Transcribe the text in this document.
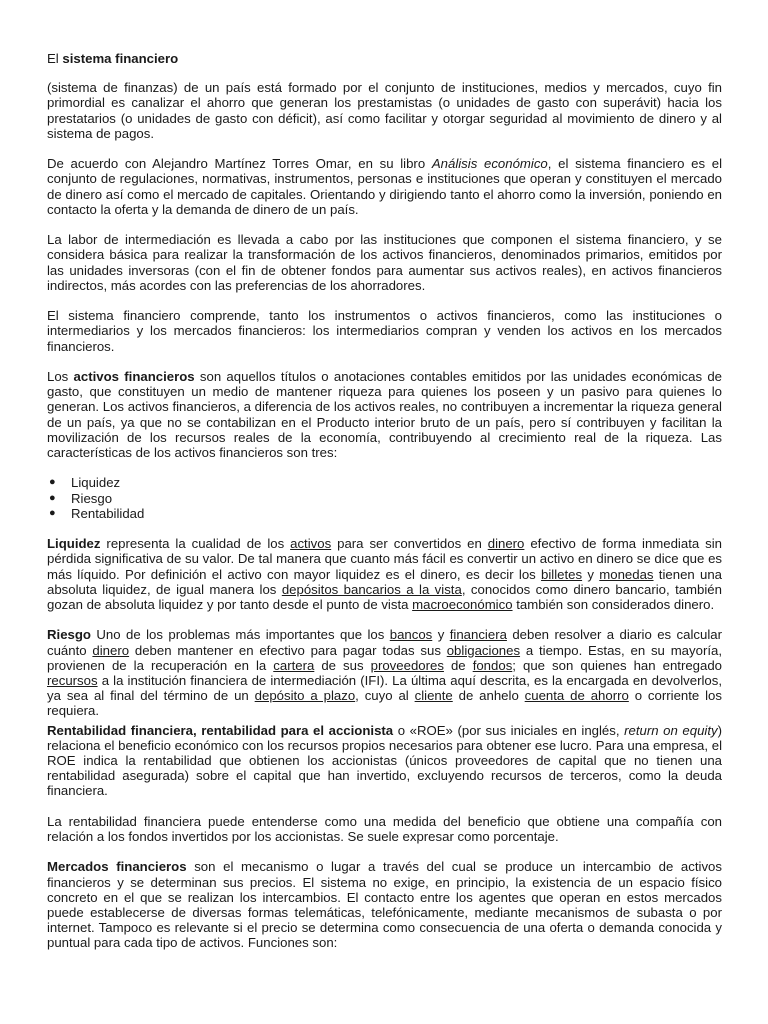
El sistema financiero

(sistema de finanzas) de un país está formado por el conjunto de instituciones, medios y mercados, cuyo fin primordial es canalizar el ahorro que generan los prestamistas (o unidades de gasto con superávit) hacia los prestatarios (o unidades de gasto con déficit), así como facilitar y otorgar seguridad al movimiento de dinero y al sistema de pagos.

De acuerdo con Alejandro Martínez Torres Omar, en su libro Análisis económico, el sistema financiero es el conjunto de regulaciones, normativas, instrumentos, personas e instituciones que operan y constituyen el mercado de dinero así como el mercado de capitales. Orientando y dirigiendo tanto el ahorro como la inversión, poniendo en contacto la oferta y la demanda de dinero de un país.

La labor de intermediación es llevada a cabo por las instituciones que componen el sistema financiero, y se considera básica para realizar la transformación de los activos financieros, denominados primarios, emitidos por las unidades inversoras (con el fin de obtener fondos para aumentar sus activos reales), en activos financieros indirectos, más acordes con las preferencias de los ahorradores.

El sistema financiero comprende, tanto los instrumentos o activos financieros, como las instituciones o intermediarios y los mercados financieros: los intermediarios compran y venden los activos en los mercados financieros.

Los activos financieros son aquellos títulos o anotaciones contables emitidos por las unidades económicas de gasto, que constituyen un medio de mantener riqueza para quienes los poseen y un pasivo para quienes lo generan. Los activos financieros, a diferencia de los activos reales, no contribuyen a incrementar la riqueza general de un país, ya que no se contabilizan en el Producto interior bruto de un país, pero sí contribuyen y facilitan la movilización de los recursos reales de la economía, contribuyendo al crecimiento real de la riqueza. Las características de los activos financieros son tres:

● Liquidez
● Riesgo
● Rentabilidad

Liquidez representa la cualidad de los activos para ser convertidos en dinero efectivo de forma inmediata sin pérdida significativa de su valor. De tal manera que cuanto más fácil es convertir un activo en dinero se dice que es más líquido. Por definición el activo con mayor liquidez es el dinero, es decir los billetes y monedas tienen una absoluta liquidez, de igual manera los depósitos bancarios a la vista, conocidos como dinero bancario, también gozan de absoluta liquidez y por tanto desde el punto de vista macroeconómico también son considerados dinero.

Riesgo Uno de los problemas más importantes que los bancos y financiera deben resolver a diario es calcular cuánto dinero deben mantener en efectivo para pagar todas sus obligaciones a tiempo. Estas, en su mayoría, provienen de la recuperación en la cartera de sus proveedores de fondos; que son quienes han entregado recursos a la institución financiera de intermediación (IFI). La última aquí descrita, es la encargada en devolverlos, ya sea al final del término de un depósito a plazo, cuyo al cliente de anhelo cuenta de ahorro o corriente los requiera.

Rentabilidad financiera, rentabilidad para el accionista o «ROE» (por sus iniciales en inglés, return on equity) relaciona el beneficio económico con los recursos propios necesarios para obtener ese lucro. Para una empresa, el ROE indica la rentabilidad que obtienen los accionistas (únicos proveedores de capital que no tienen una rentabilidad asegurada) sobre el capital que han invertido, excluyendo recursos de terceros, como la deuda financiera.

La rentabilidad financiera puede entenderse como una medida del beneficio que obtiene una compañía con relación a los fondos invertidos por los accionistas. Se suele expresar como porcentaje.

Mercados financieros son el mecanismo o lugar a través del cual se produce un intercambio de activos financieros y se determinan sus precios. El sistema no exige, en principio, la existencia de un espacio físico concreto en el que se realizan los intercambios. El contacto entre los agentes que operan en estos mercados puede establecerse de diversas formas telemáticas, telefónicamente, mediante mecanismos de subasta o por internet. Tampoco es relevante si el precio se determina como consecuencia de una oferta o demanda conocida y puntual para cada tipo de activos. Funciones son:
